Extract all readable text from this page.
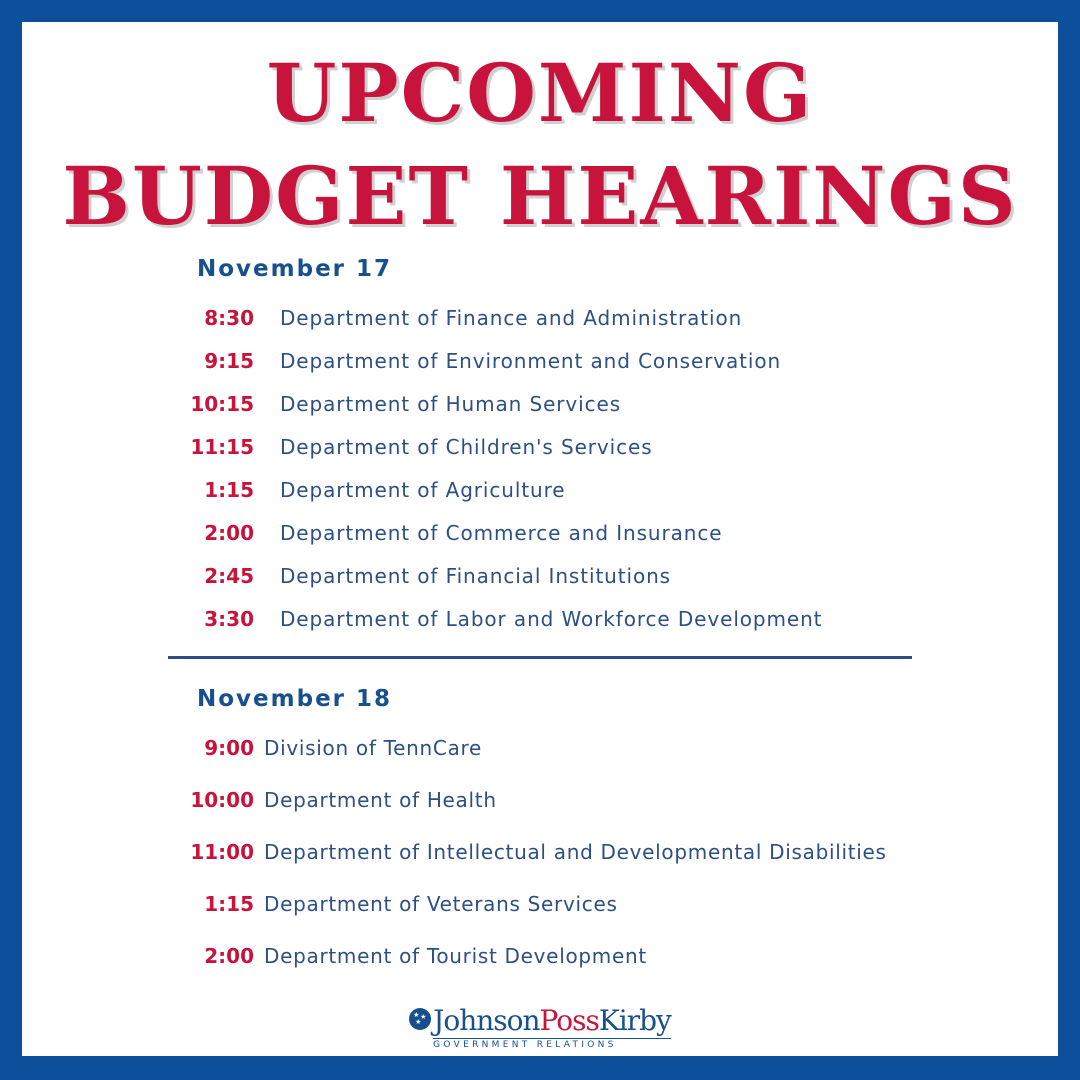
UPCOMING
BUDGET HEARINGS
November 17
8:30 Department of Finance and Administration
9:15 Department of Environment and Conservation
10:15 Department of Human Services
11:15 Department of Children's Services
1:15 Department of Agriculture
2:00 Department of Commerce and Insurance
2:45 Department of Financial Institutions
3:30 Department of Labor and Workforce Development
November 18
9:00 Division of TennCare
10:00 Department of Health
11:00 Department of Intellectual and Developmental Disabilities
1:15 Department of Veterans Services
2:00 Department of Tourist Development
★ ★
★ JohnsonPossKirby
GOVERNMENT RELATIONS
